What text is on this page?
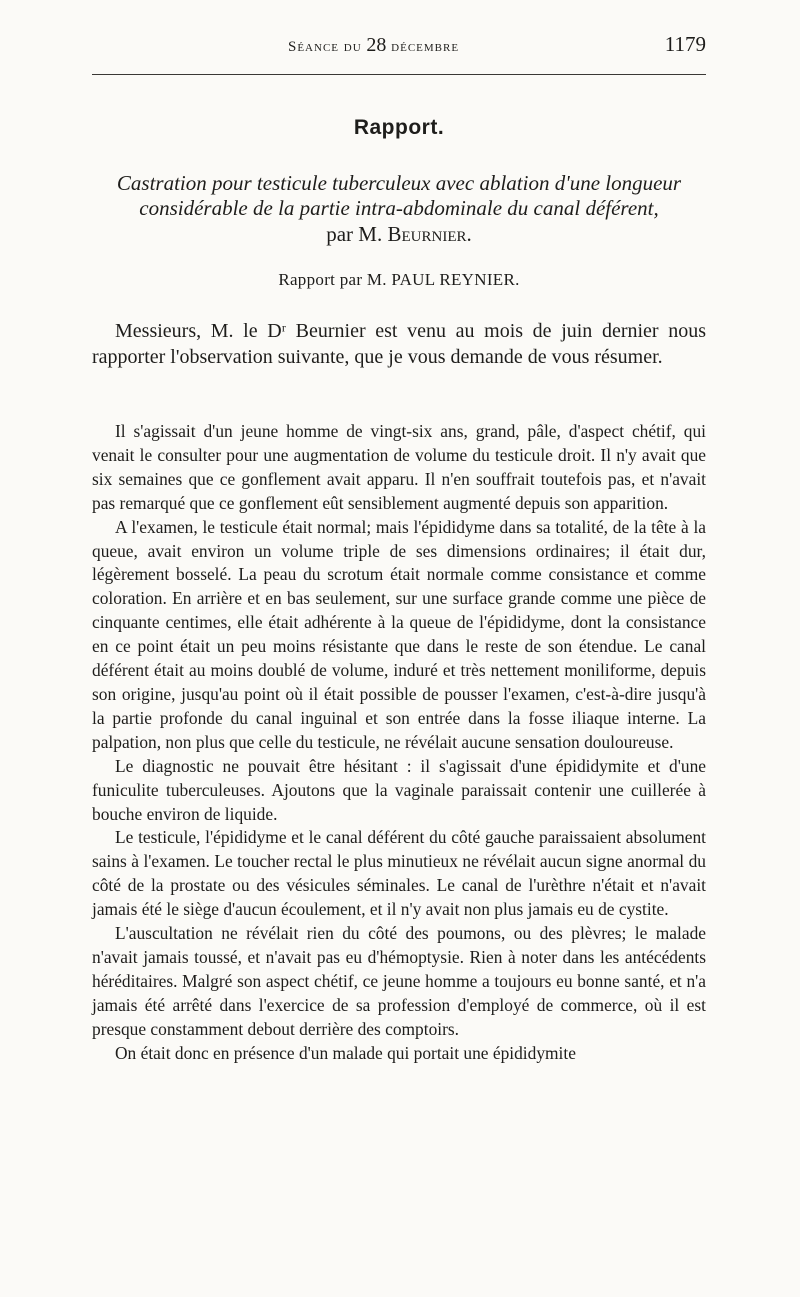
Séance du 28 décembre	1179
Rapport.
Castration pour testicule tuberculeux avec ablation d'une longueur
considérable de la partie intra-abdominale du canal déférent,
par M. Beurnier.
Rapport par M. PAUL REYNIER.

Messieurs, M. le Dʳ Beurnier est venu au mois de juin dernier nous rapporter l'observation suivante, que je vous demande de vous résumer.

Il s'agissait d'un jeune homme de vingt-six ans, grand, pâle, d'aspect chétif, qui venait le consulter pour une augmentation de volume du testicule droit. Il n'y avait que six semaines que ce gonflement avait apparu. Il n'en souffrait toutefois pas, et n'avait pas remarqué que ce gonflement eût sensiblement augmenté depuis son apparition.

A l'examen, le testicule était normal; mais l'épididyme dans sa totalité, de la tête à la queue, avait environ un volume triple de ses dimensions ordinaires; il était dur, légèrement bosselé. La peau du scrotum était normale comme consistance et comme coloration. En arrière et en bas seulement, sur une surface grande comme une pièce de cinquante centimes, elle était adhérente à la queue de l'épididyme, dont la consistance en ce point était un peu moins résistante que dans le reste de son étendue. Le canal déférent était au moins doublé de volume, induré et très nettement moniliforme, depuis son origine, jusqu'au point où il était possible de pousser l'examen, c'est-à-dire jusqu'à la partie profonde du canal inguinal et son entrée dans la fosse iliaque interne. La palpation, non plus que celle du testicule, ne révélait aucune sensation douloureuse.

Le diagnostic ne pouvait être hésitant : il s'agissait d'une épididymite et d'une funiculite tuberculeuses. Ajoutons que la vaginale paraissait contenir une cuillerée à bouche environ de liquide.

Le testicule, l'épididyme et le canal déférent du côté gauche paraissaient absolument sains à l'examen. Le toucher rectal le plus minutieux ne révélait aucun signe anormal du côté de la prostate ou des vésicules séminales. Le canal de l'urèthre n'était et n'avait jamais été le siège d'aucun écoulement, et il n'y avait non plus jamais eu de cystite.

L'auscultation ne révélait rien du côté des poumons, ou des plèvres; le malade n'avait jamais toussé, et n'avait pas eu d'hémoptysie. Rien à noter dans les antécédents héréditaires. Malgré son aspect chétif, ce jeune homme a toujours eu bonne santé, et n'a jamais été arrêté dans l'exercice de sa profession d'employé de commerce, où il est presque constamment debout derrière des comptoirs.

On était donc en présence d'un malade qui portait une épididymite
